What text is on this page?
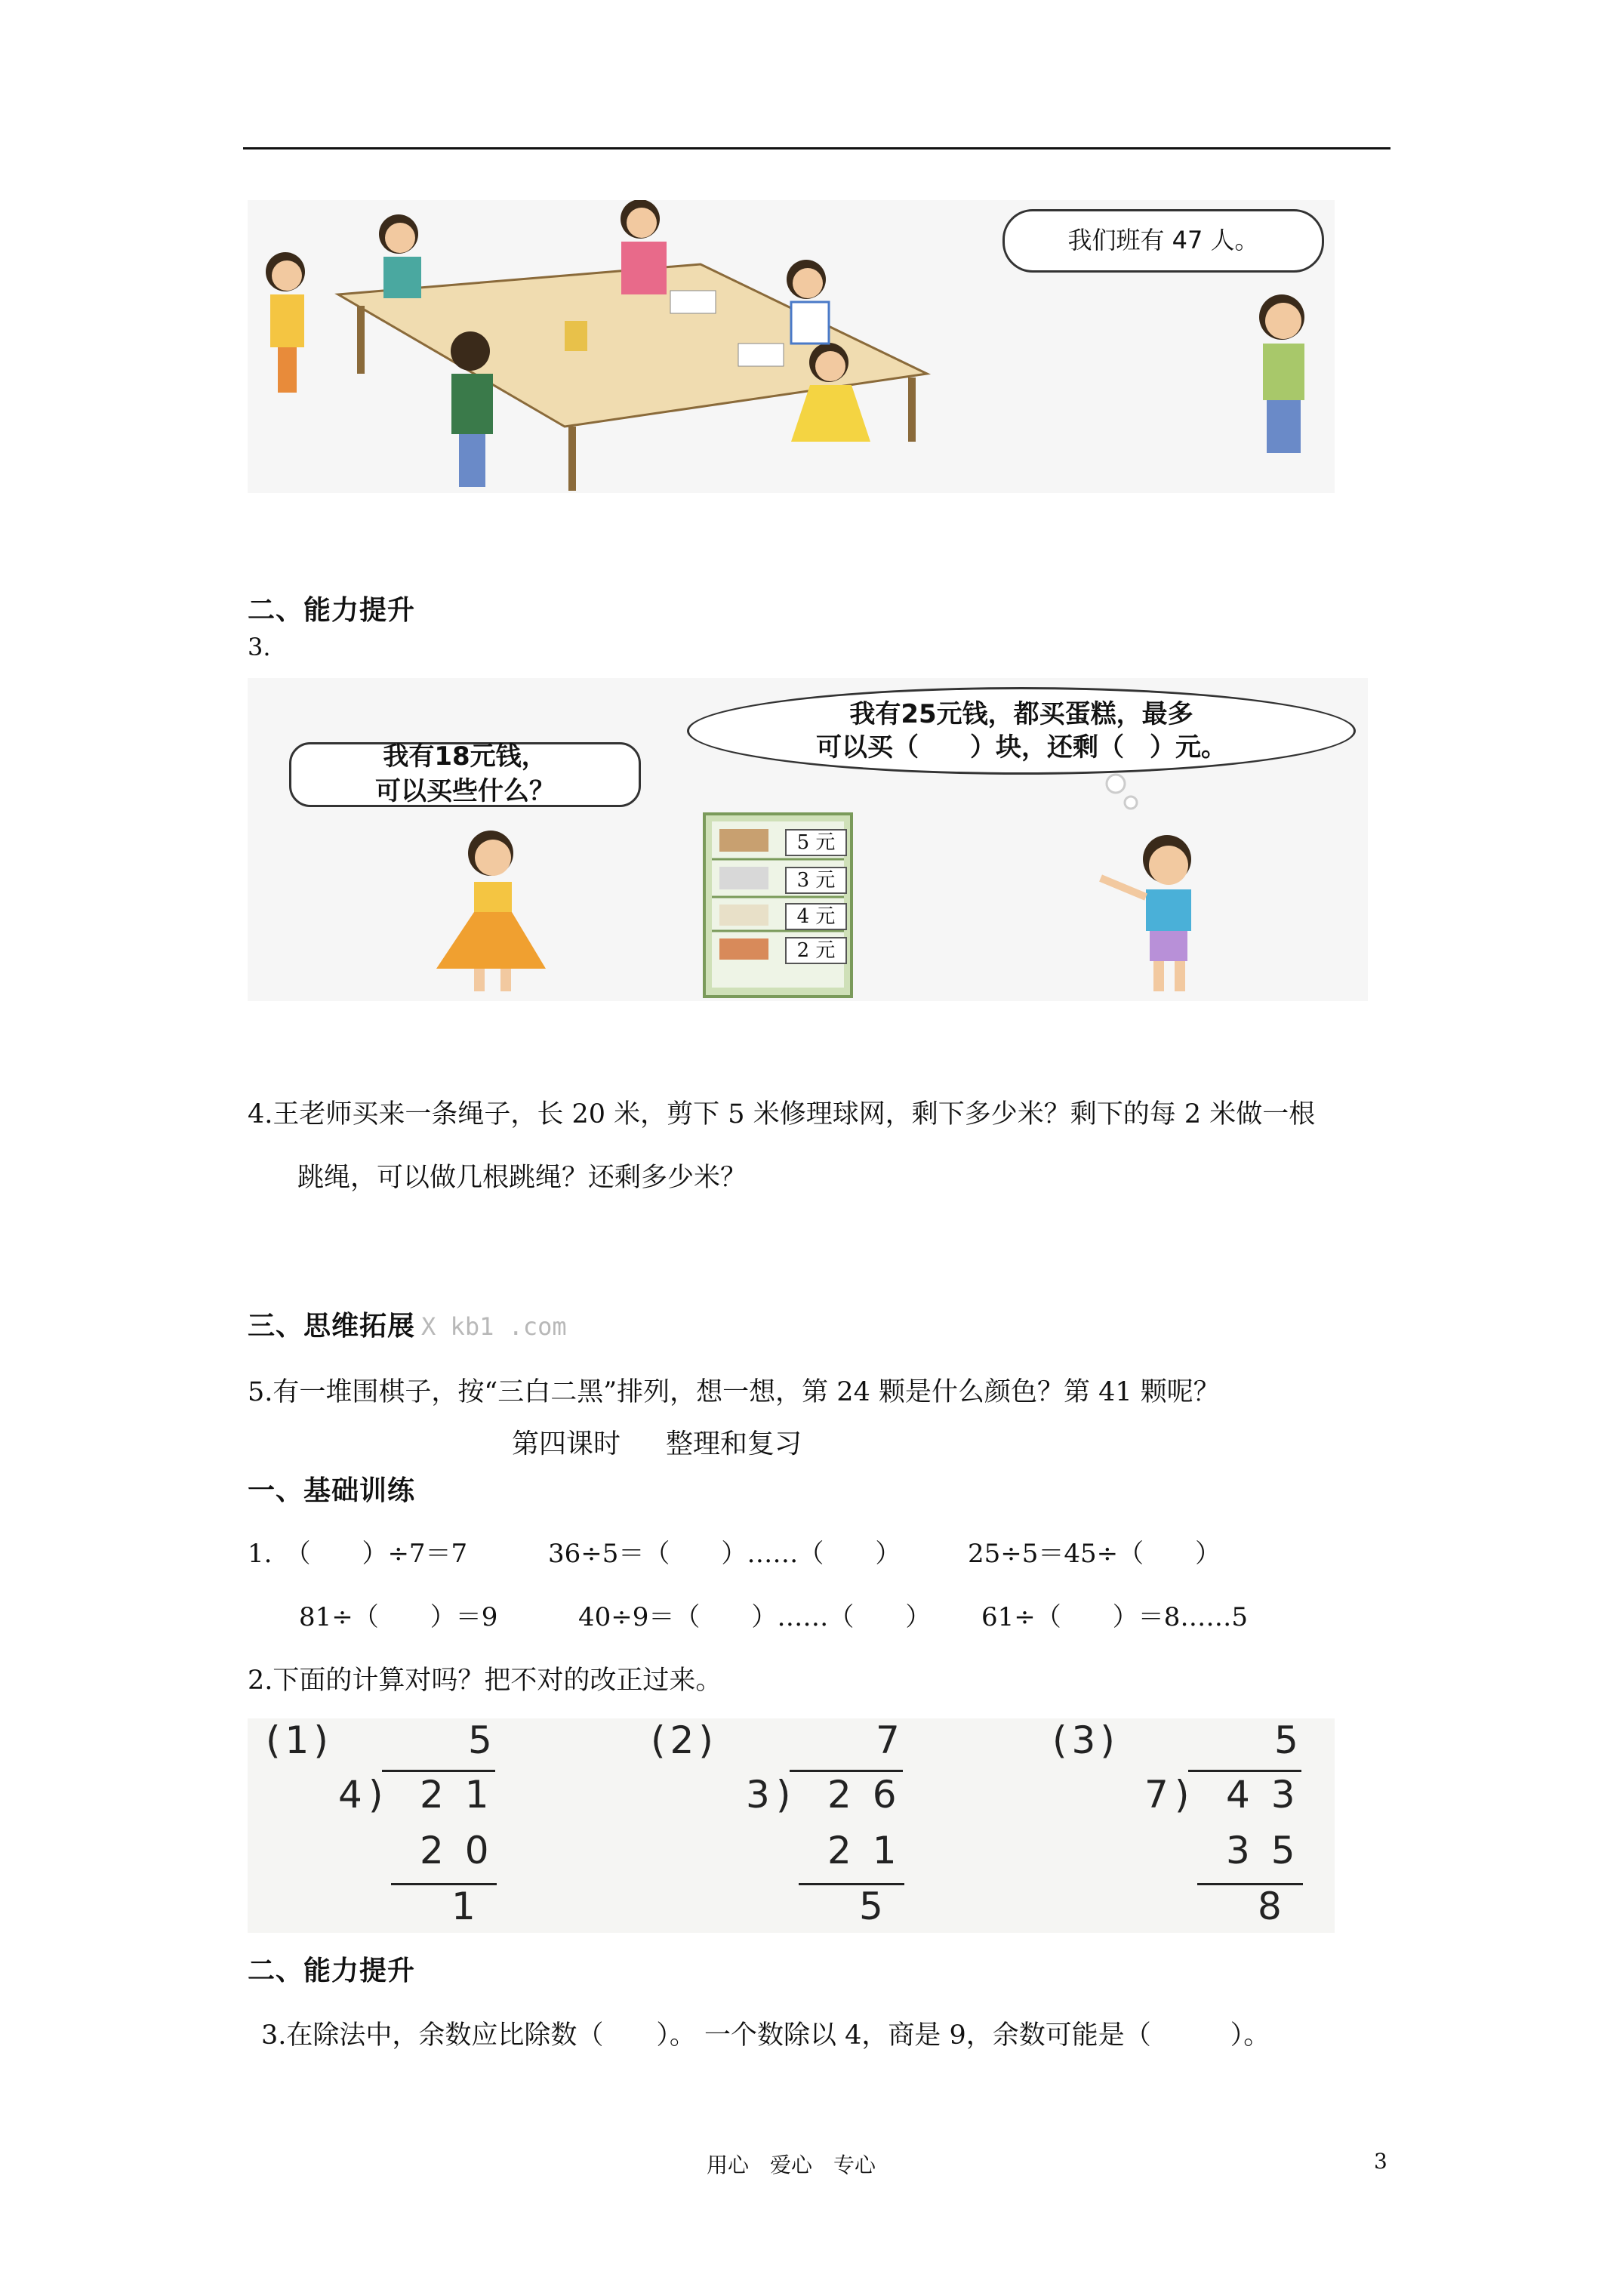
我们班有 47 人。
二、能力提升
3.
我有18元钱，
可以买些什么？
我有25元钱，都买蛋糕，最多
可以买（　　）块，还剩（　）元。
5 元
3 元
4 元
2 元
4.王老师买来一条绳子，长 20 米，剪下 5 米修理球网，剩下多少米？剩下的每 2 米做一根
跳绳，可以做几根跳绳？还剩多少米？
三、思维拓展 X kb1 .com
5.有一堆围棋子，按“三白二黑”排列，想一想，第 24 颗是什么颜色？第 41 颗呢？
第四课时 整理和复习
一、基础训练
1.　（　　）÷7＝7	36÷5＝（　　）……（　　）	25÷5＝45÷（　　）
81÷（　　）＝9	40÷9＝（　　）……（　　） 61÷（　　）＝8……5
2.下面的计算对吗？把不对的改正过来。
(1)	5
4 ) 2 1
2 0
1
(2)	7
3 ) 2 6
2 1
5
(3)	5
7 ) 4 3
3 5
8
二、能力提升
3.在除法中，余数应比除数（　　）。 一个数除以 4，商是 9，余数可能是（　　　）。
用心　爱心　专心	3
